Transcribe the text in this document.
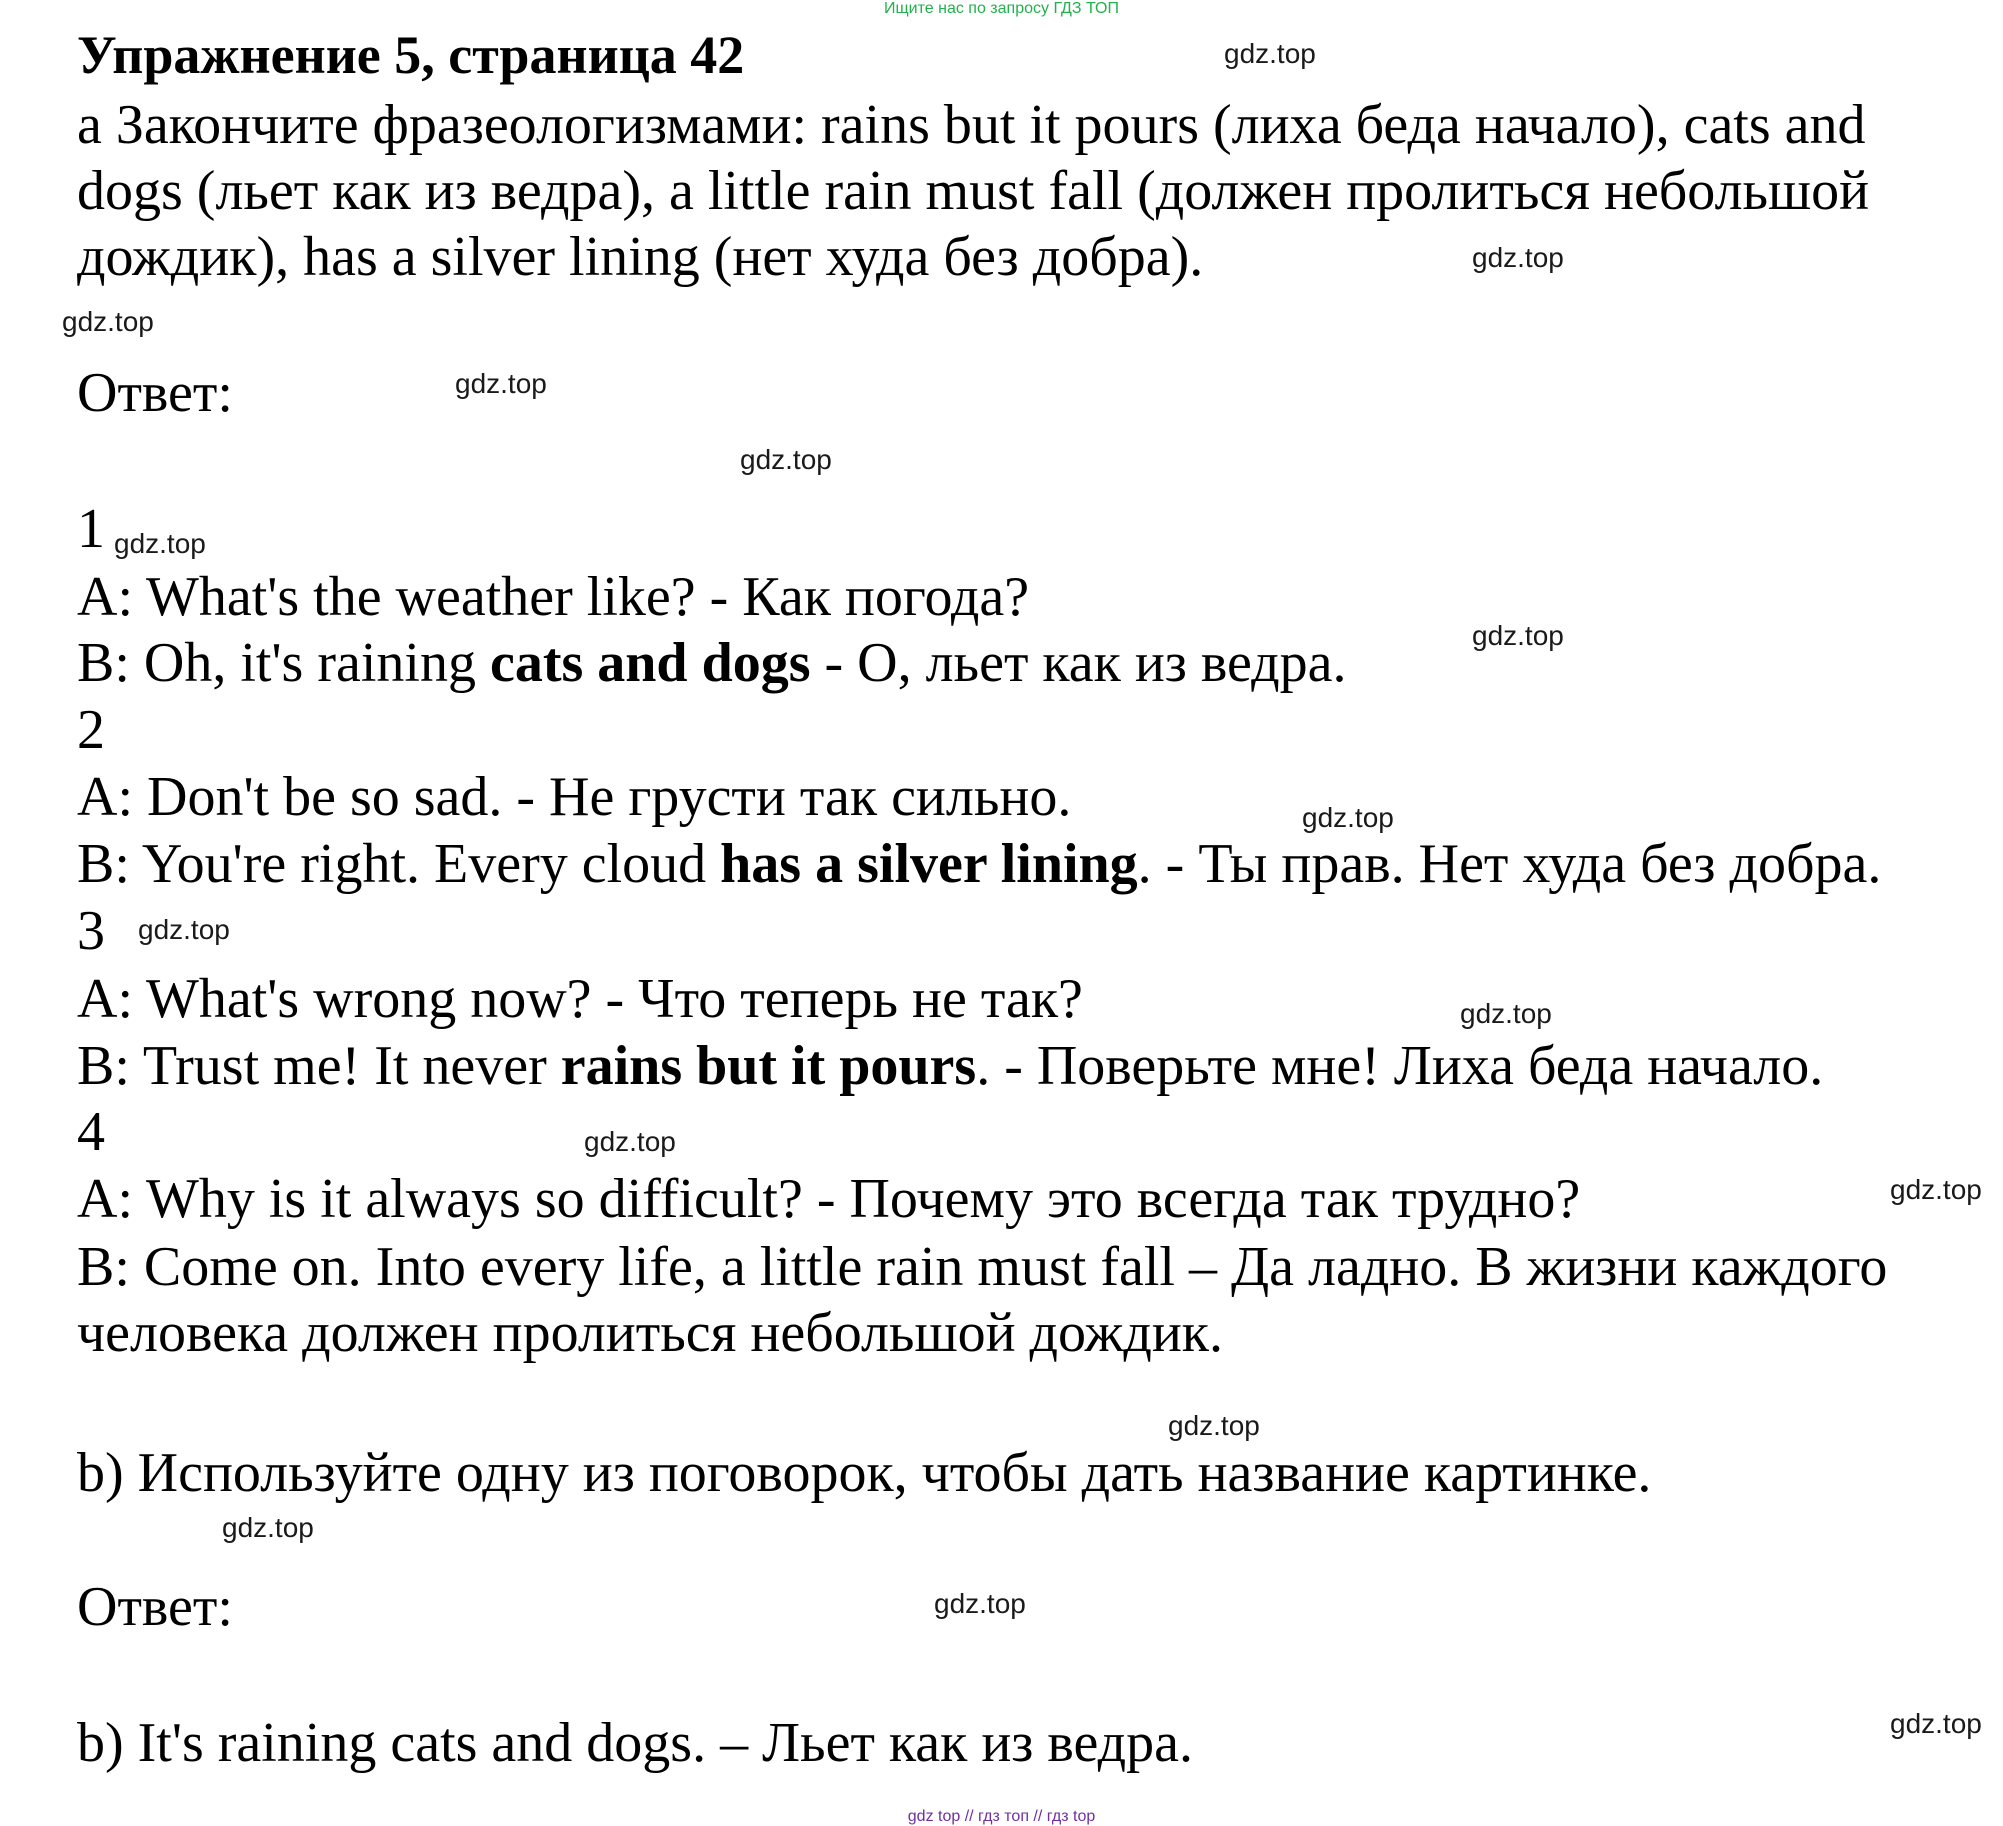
Ищите нас по запросу ГДЗ ТОП
Упражнение 5, страница 42
a Закончите фразеологизмами: rains but it pours (лиха беда начало), cats and
dogs (льет как из ведра), a little rain must fall (должен пролиться небольшой
дождик), has a silver lining (нет худа без добра).
Ответ:
1
A: What's the weather like? - Как погода?
B: Oh, it's raining cats and dogs - О, льет как из ведра.
2
A: Don't be so sad. - Не грусти так сильно.
B: You're right. Every cloud has a silver lining. - Ты прав. Нет худа без добра.
3
A: What's wrong now? - Что теперь не так?
B: Trust me! It never rains but it pours. - Поверьте мне! Лиха беда начало.
4
A: Why is it always so difficult? - Почему это всегда так трудно?
B: Come on. Into every life, a little rain must fall – Да ладно. В жизни каждого
человека должен пролиться небольшой дождик.
b) Используйте одну из поговорок, чтобы дать название картинке.
Ответ:
b) It's raining cats and dogs. – Льет как из ведра.
gdz.top
gdz.top
gdz.top
gdz.top
gdz.top
gdz.top
gdz.top
gdz.top
gdz.top
gdz.top
gdz.top
gdz.top
gdz.top
gdz.top
gdz.top
gdz.top
gdz top // гдз топ // гдз top
